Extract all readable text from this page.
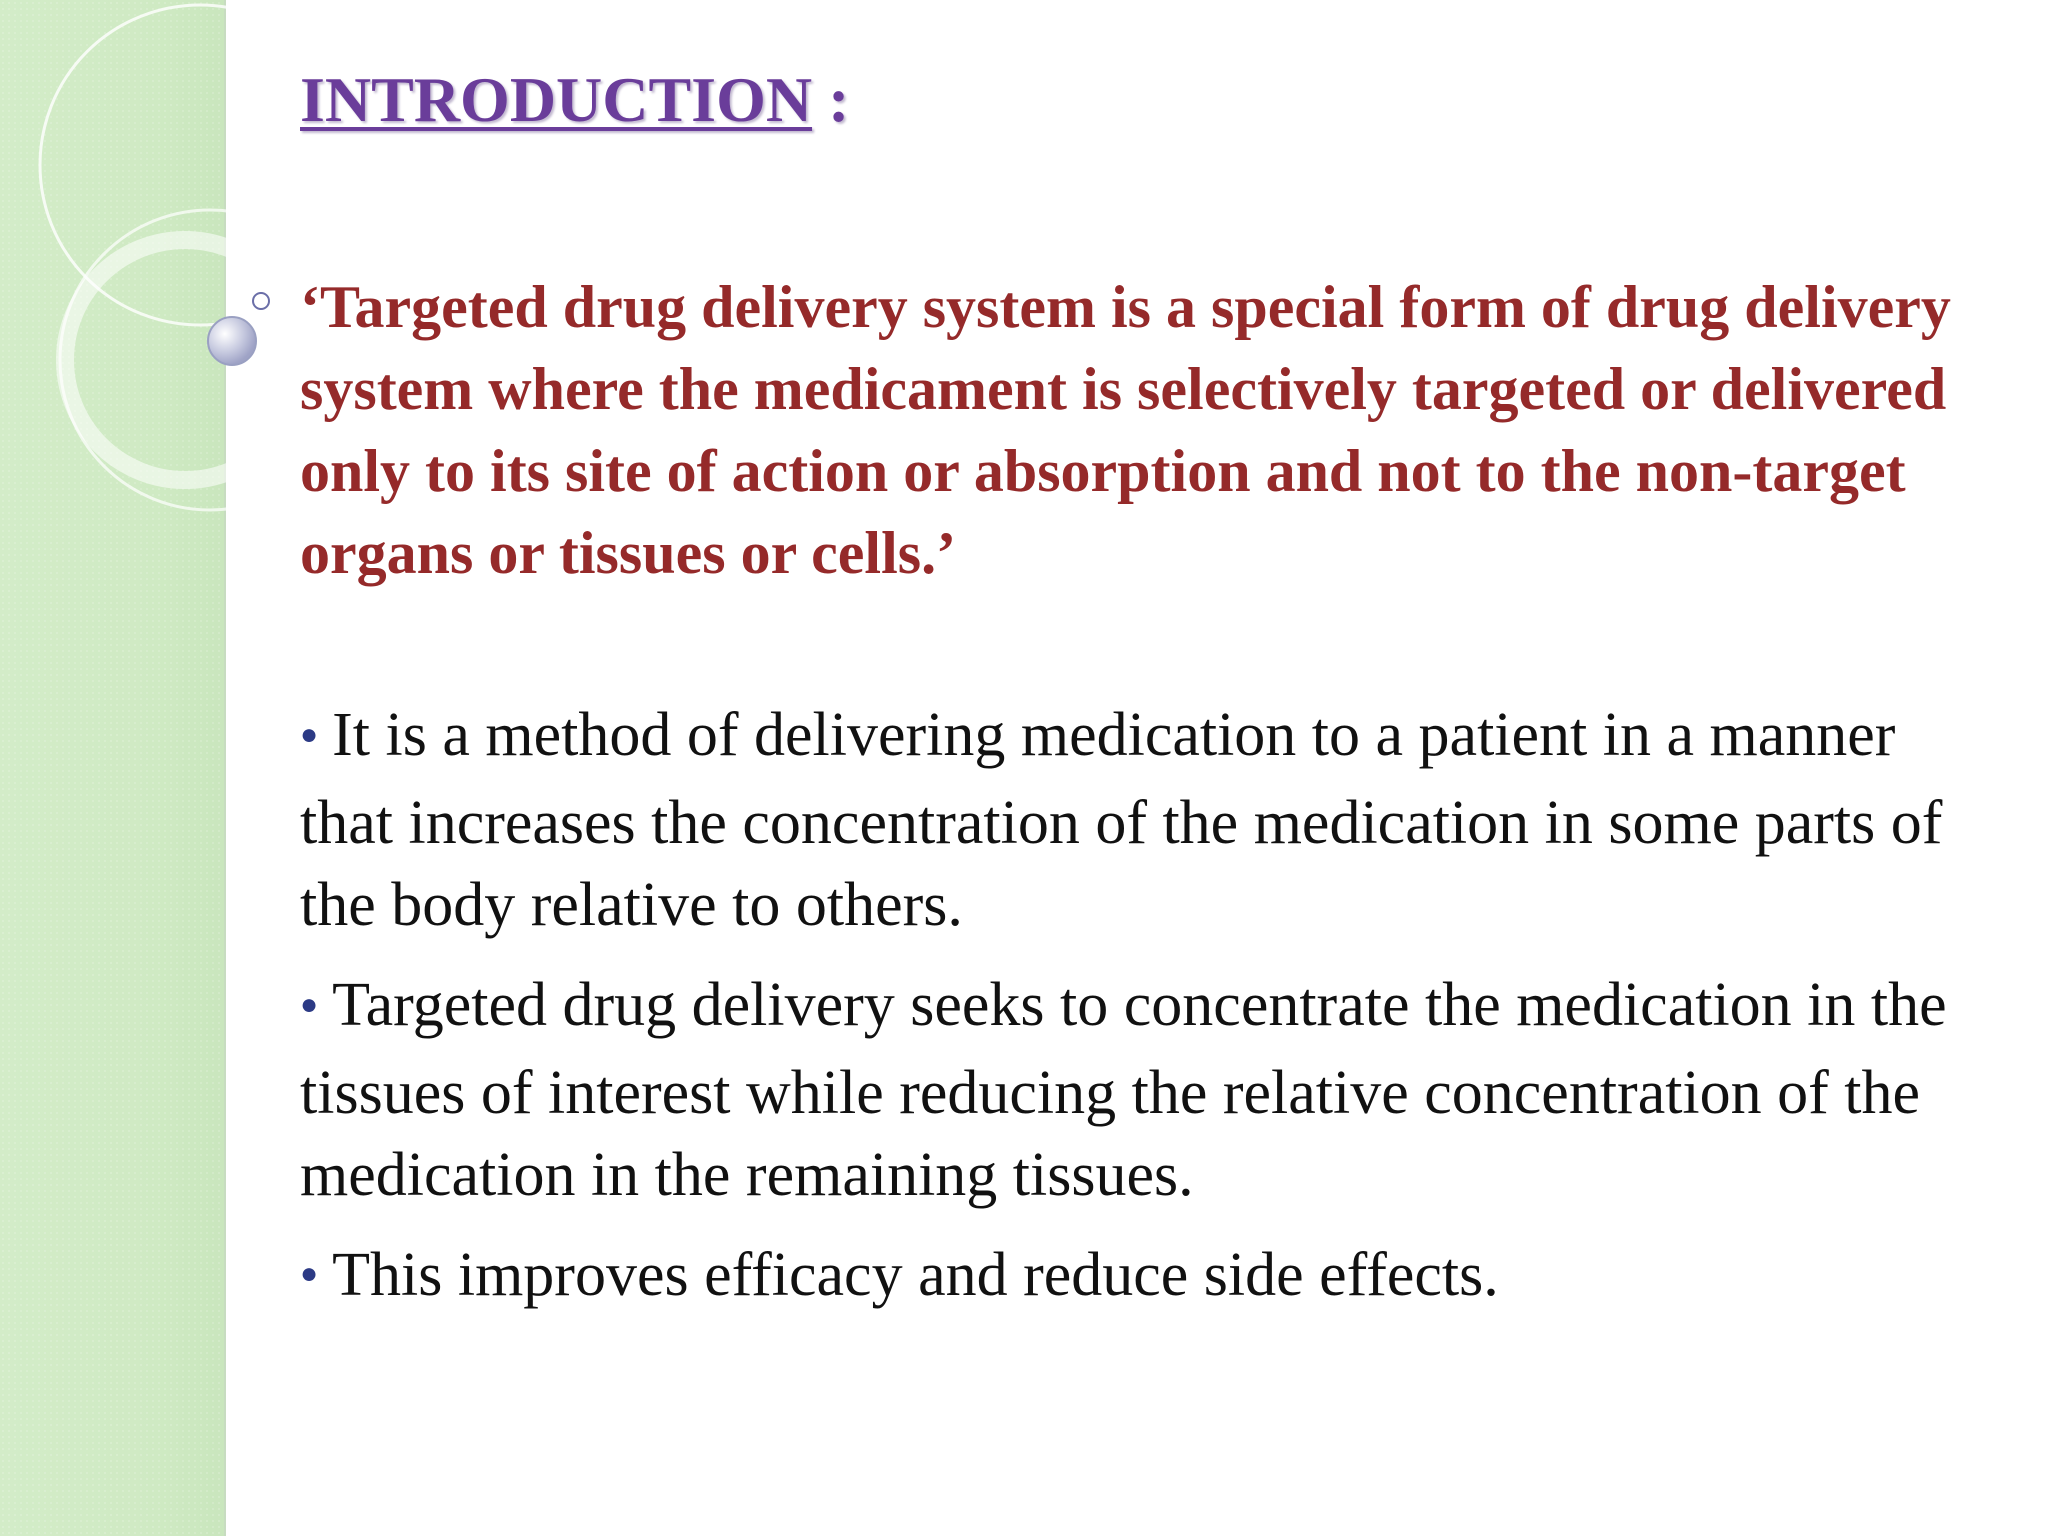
INTRODUCTION :

‘Targeted drug delivery system is a special form of drug delivery system where the medicament is selectively targeted or delivered only to its site of action or absorption and not to the non-target organs or tissues or cells.’

● It is a method of delivering medication to a patient in a manner that increases the concentration of the medication in some parts of the body relative to others.
● Targeted drug delivery seeks to concentrate the medication in the tissues of interest while reducing the relative concentration of the medication in the remaining tissues.
● This improves efficacy and reduce side effects.
